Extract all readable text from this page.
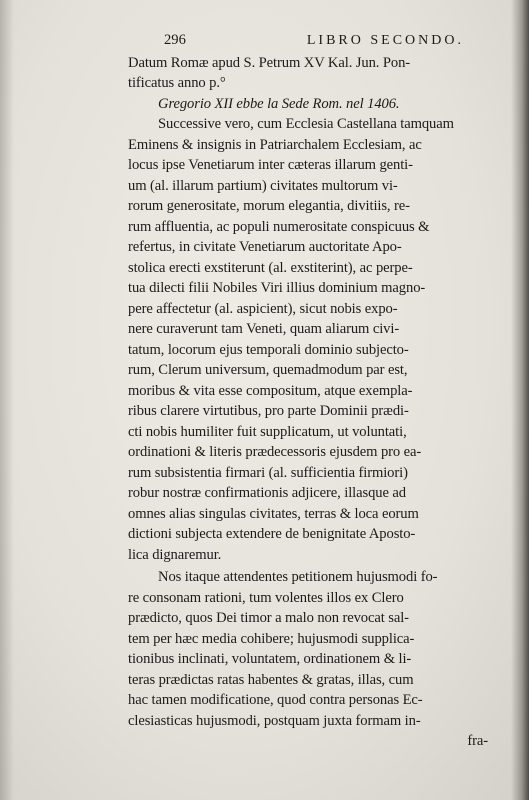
296	LIBRO SECONDO.
Datum Romæ apud S. Petrum XV Kal. Jun. Pon-
tificatus anno p.°
Gregorio XII ebbe la Sede Rom. nel 1406.
Successive vero, cum Ecclesia Castellana tamquam
Eminens & insignis in Patriarchalem Ecclesiam, ac
locus ipse Venetiarum inter cæteras illarum genti-
um (al. illarum partium) civitates multorum vi-
rorum generositate, morum elegantia, divitiis, re-
rum affluentia, ac populi numerositate conspicuus &
refertus, in civitate Venetiarum auctoritate Apo-
stolica erecti exstiterunt (al. exstiterint), ac perpe-
tua dilecti filii Nobiles Viri illius dominium magno-
pere affectetur (al. aspicient), sicut nobis expo-
nere curaverunt tam Veneti, quam aliarum civi-
tatum, locorum ejus temporali dominio subjecto-
rum, Clerum universum, quemadmodum par est,
moribus & vita esse compositum, atque exempla-
ribus clarere virtutibus, pro parte Dominii prædi-
cti nobis humiliter fuit supplicatum, ut voluntati,
ordinationi & literis prædecessoris ejusdem pro ea-
rum subsistentia firmari (al. sufficientia firmiori)
robur nostræ confirmationis adjicere, illasque ad
omnes alias singulas civitates, terras & loca eorum
dictioni subjecta extendere de benignitate Aposto-
lica dignaremur.
Nos itaque attendentes petitionem hujusmodi fo-
re consonam rationi, tum volentes illos ex Clero
prædicto, quos Dei timor a malo non revocat sal-
tem per hæc media cohibere; hujusmodi supplica-
tionibus inclinati, voluntatem, ordinationem & li-
teras prædictas ratas habentes & gratas, illas, cum
hac tamen modificatione, quod contra personas Ec-
clesiasticas hujusmodi, postquam juxta formam in-
fra-
